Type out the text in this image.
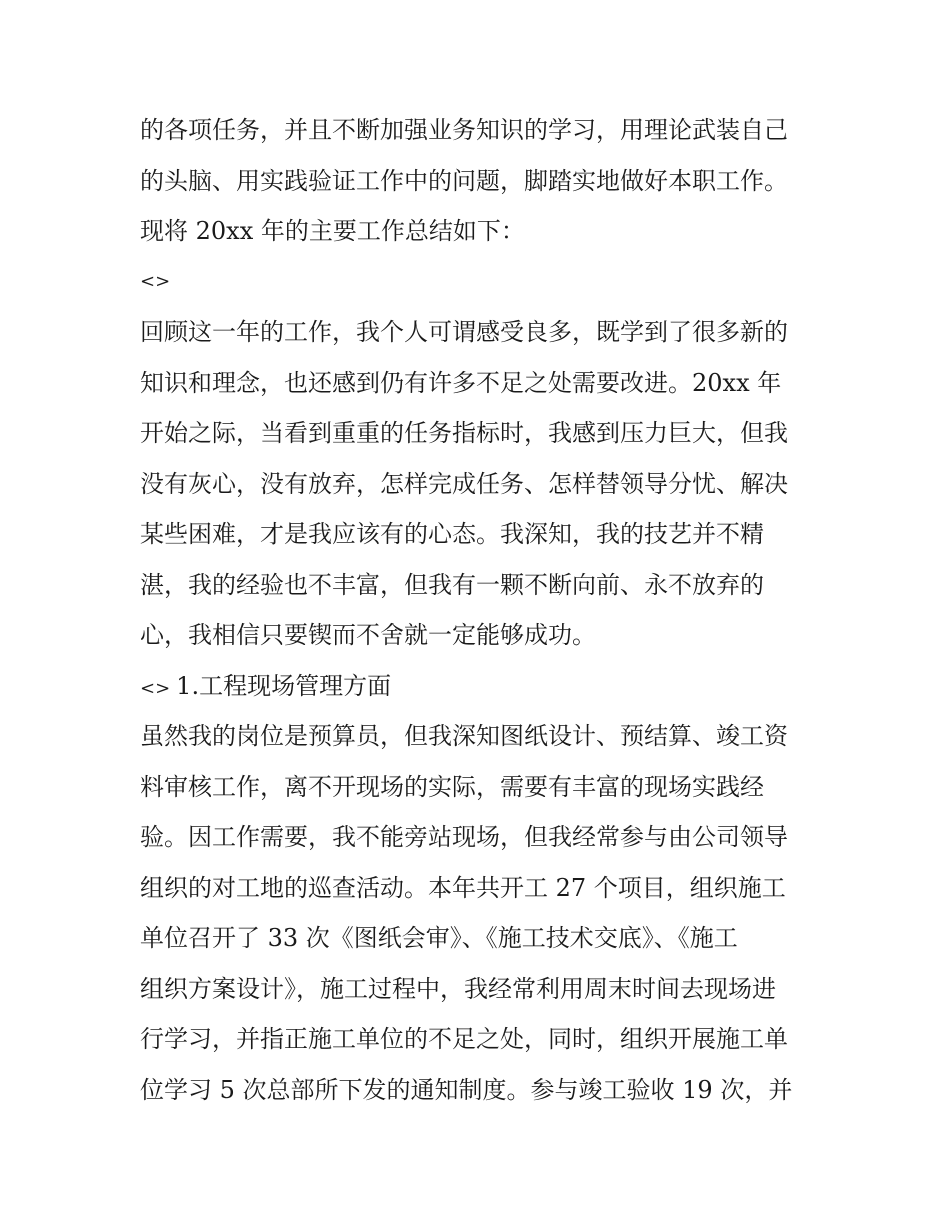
的各项任务，并且不断加强业务知识的学习，用理论武装自己
的头脑、用实践验证工作中的问题，脚踏实地做好本职工作。
现将 20xx 年的主要工作总结如下：
<>
回顾这一年的工作，我个人可谓感受良多，既学到了很多新的
知识和理念，也还感到仍有许多不足之处需要改进。20xx 年
开始之际，当看到重重的任务指标时，我感到压力巨大，但我
没有灰心，没有放弃，怎样完成任务、怎样替领导分忧、解决
某些困难，才是我应该有的心态。我深知，我的技艺并不精
湛，我的经验也不丰富，但我有一颗不断向前、永不放弃的
心，我相信只要锲而不舍就一定能够成功。
<> 1.工程现场管理方面
虽然我的岗位是预算员，但我深知图纸设计、预结算、竣工资
料审核工作，离不开现场的实际，需要有丰富的现场实践经
验。因工作需要，我不能旁站现场，但我经常参与由公司领导
组织的对工地的巡查活动。本年共开工 27 个项目，组织施工
单位召开了 33 次《图纸会审》、《施工技术交底》、《施工
组织方案设计》，施工过程中，我经常利用周末时间去现场进
行学习，并指正施工单位的不足之处，同时，组织开展施工单
位学习 5 次总部所下发的通知制度。参与竣工验收 19 次，并
